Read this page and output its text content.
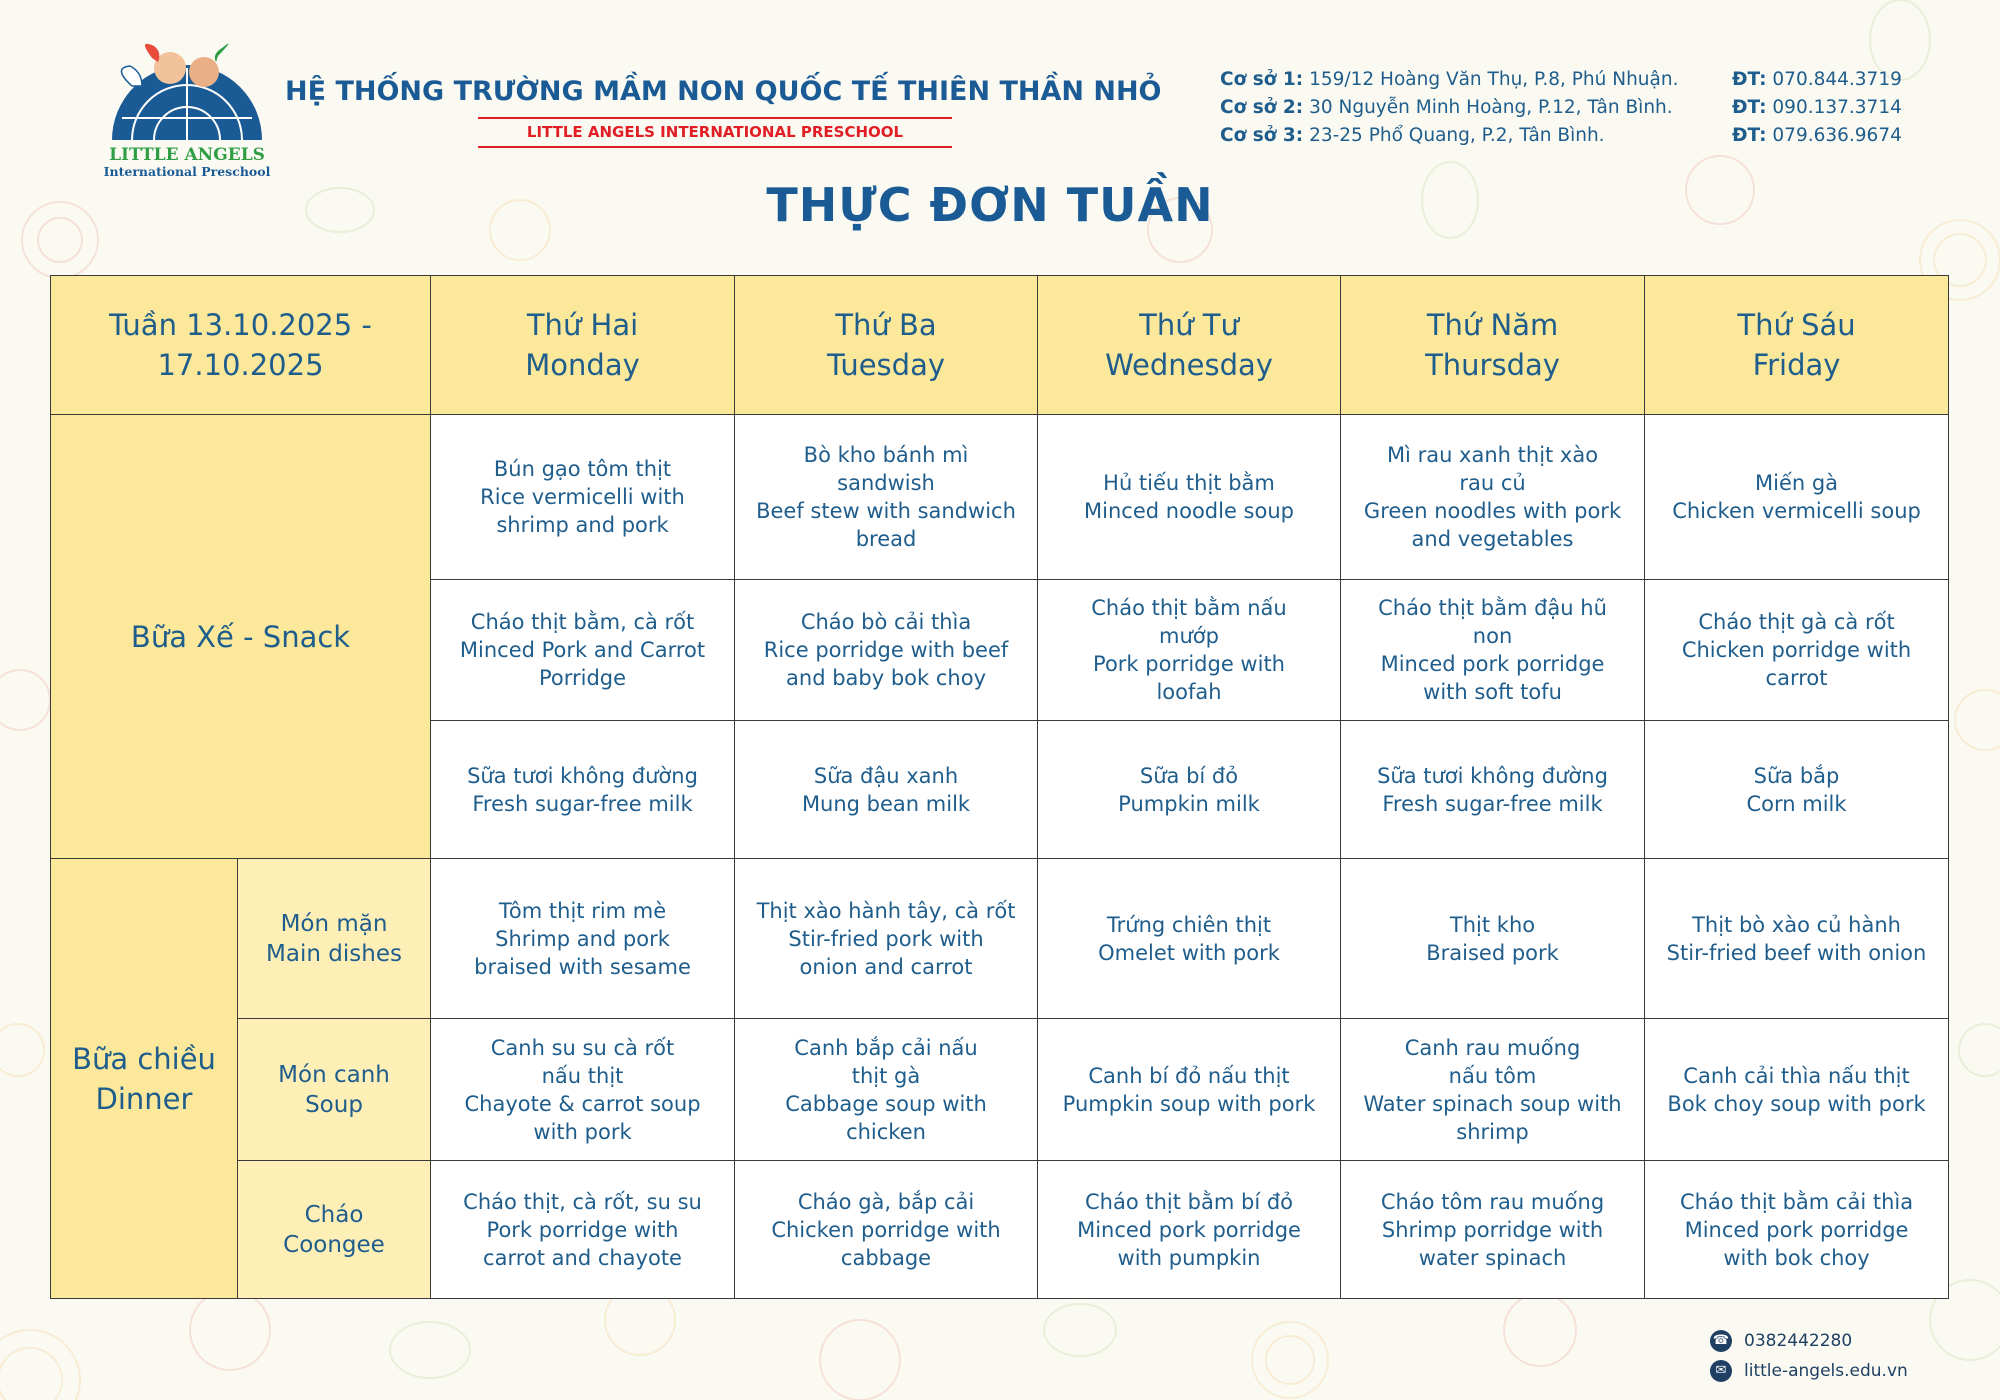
LITTLE ANGELS
International Preschool
HỆ THỐNG TRƯỜNG MẦM NON QUỐC TẾ THIÊN THẦN NHỎ
LITTLE ANGELS INTERNATIONAL PRESCHOOL
Cơ sở 1: 159/12 Hoàng Văn Thụ, P.8, Phú Nhuận.	ĐT: 070.844.3719
Cơ sở 2: 30 Nguyễn Minh Hoàng, P.12, Tân Bình.	ĐT: 090.137.3714
Cơ sở 3: 23-25 Phổ Quang, P.2, Tân Bình.	ĐT: 079.636.9674
THỰC ĐƠN TUẦN
Tuần 13.10.2025 -
17.10.2025		Thứ Hai
Monday	Thứ Ba
Tuesday	Thứ Tư
Wednesday	Thứ Năm
Thursday	Thứ Sáu
Friday
Bữa Xế - Snack		Bún gạo tôm thịt
Rice vermicelli with
shrimp and pork	Bò kho bánh mì
sandwish
Beef stew with sandwich
bread	Hủ tiếu thịt bằm
Minced noodle soup	Mì rau xanh thịt xào
rau củ
Green noodles with pork
and vegetables	Miến gà
Chicken vermicelli soup
		Cháo thịt bằm, cà rốt
Minced Pork and Carrot
Porridge	Cháo bò cải thìa
Rice porridge with beef
and baby bok choy	Cháo thịt bằm nấu
mướp
Pork porridge with
loofah	Cháo thịt bằm đậu hũ
non
Minced pork porridge
with soft tofu	Cháo thịt gà cà rốt
Chicken porridge with
carrot
		Sữa tươi không đường
Fresh sugar-free milk	Sữa đậu xanh
Mung bean milk	Sữa bí đỏ
Pumpkin milk	Sữa tươi không đường
Fresh sugar-free milk	Sữa bắp
Corn milk
Bữa chiều
Dinner	Món mặn
Main dishes	Tôm thịt rim mè
Shrimp and pork
braised with sesame	Thịt xào hành tây, cà rốt
Stir-fried pork with
onion and carrot	Trứng chiên thịt
Omelet with pork	Thịt kho
Braised pork	Thịt bò xào củ hành
Stir-fried beef with onion
	Món canh
Soup	Canh su su cà rốt
nấu thịt
Chayote & carrot soup
with pork	Canh bắp cải nấu
thịt gà
Cabbage soup with
chicken	Canh bí đỏ nấu thịt
Pumpkin soup with pork	Canh rau muống
nấu tôm
Water spinach soup with
shrimp	Canh cải thìa nấu thịt
Bok choy soup with pork
	Cháo
Coongee	Cháo thịt, cà rốt, su su
Pork porridge with
carrot and chayote	Cháo gà, bắp cải
Chicken porridge with
cabbage	Cháo thịt bằm bí đỏ
Minced pork porridge
with pumpkin	Cháo tôm rau muống
Shrimp porridge with
water spinach	Cháo thịt bằm cải thìa
Minced pork porridge
with bok choy
☎ 0382442280
✉	little-angels.edu.vn
